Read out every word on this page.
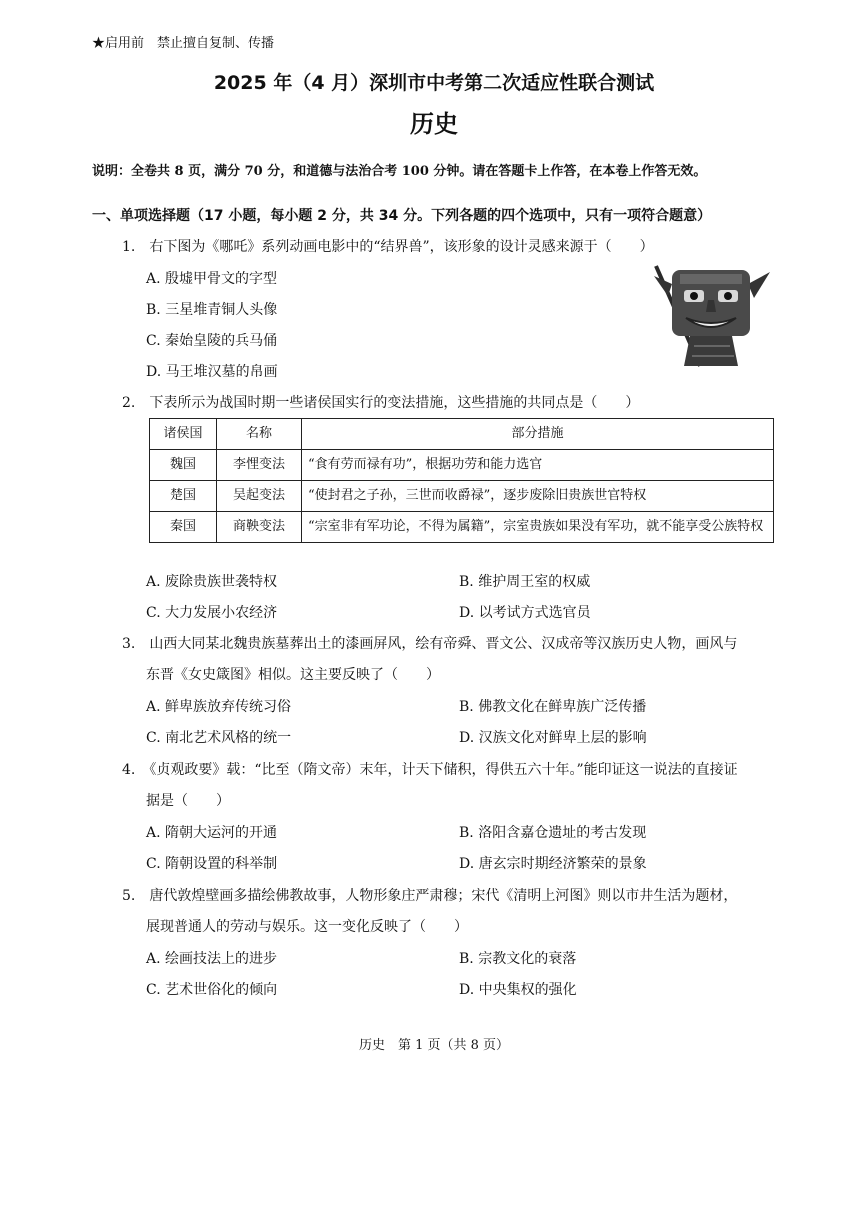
★启用前　禁止擅自复制、传播
2025 年（4 月）深圳市中考第二次适应性联合测试
历史
说明：全卷共 8 页，满分 70 分，和道德与法治合考 100 分钟。请在答题卡上作答，在本卷上作答无效。
一、单项选择题（17 小题，每小题 2 分，共 34 分。下列各题的四个选项中，只有一项符合题意）
1.　右下图为《哪吒》系列动画电影中的“结界兽”，该形象的设计灵感来源于（　　）
A. 殷墟甲骨文的字型
B. 三星堆青铜人头像
C. 秦始皇陵的兵马俑
D. 马王堆汉墓的帛画
2.　下表所示为战国时期一些诸侯国实行的变法措施，这些措施的共同点是（　　）
诸侯国	名称	部分措施
魏国	李悝变法	“食有劳而禄有功”，根据功劳和能力选官
楚国	吴起变法	“使封君之子孙，三世而收爵禄”，逐步废除旧贵族世官特权
秦国	商鞅变法	“宗室非有军功论，不得为属籍”，宗室贵族如果没有军功，就不能享受公族特权
A. 废除贵族世袭特权	B. 维护周王室的权威
C. 大力发展小农经济	D. 以考试方式选官员
3.　山西大同某北魏贵族墓葬出土的漆画屏风，绘有帝舜、晋文公、汉成帝等汉族历史人物，画风与
东晋《女史箴图》相似。这主要反映了（　　）
A. 鲜卑族放弃传统习俗	B. 佛教文化在鲜卑族广泛传播
C. 南北艺术风格的统一	D. 汉族文化对鲜卑上层的影响
4.　《贞观政要》载：“比至（隋文帝）末年，计天下储积，得供五六十年。”能印证这一说法的直接证
据是（　　）
A. 隋朝大运河的开通	B. 洛阳含嘉仓遗址的考古发现
C. 隋朝设置的科举制	D. 唐玄宗时期经济繁荣的景象
5.　唐代敦煌壁画多描绘佛教故事，人物形象庄严肃穆；宋代《清明上河图》则以市井生活为题材，
展现普通人的劳动与娱乐。这一变化反映了（　　）
A. 绘画技法上的进步	B. 宗教文化的衰落
C. 艺术世俗化的倾向	D. 中央集权的强化
历史　第 1 页（共 8 页）
